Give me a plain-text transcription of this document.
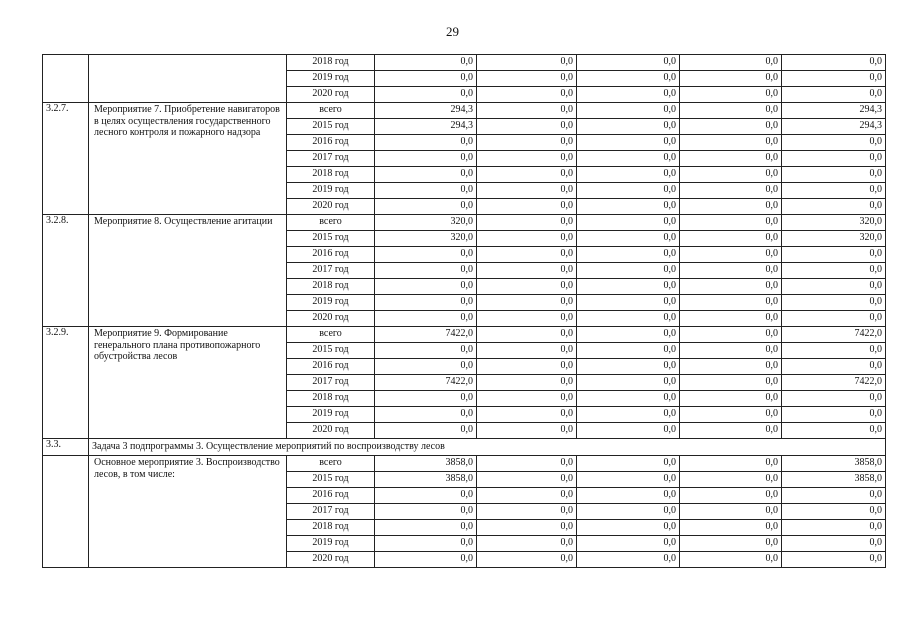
29
		2018 год	0,0	0,0	0,0	0,0	0,0
		2019 год	0,0	0,0	0,0	0,0	0,0
		2020 год	0,0	0,0	0,0	0,0	0,0
3.2.7.	Мероприятие 7. Приобретение навигаторов в целях осуществления государственного лесного контроля и пожарного надзора	всего	294,3	0,0	0,0	0,0	294,3
		2015 год	294,3	0,0	0,0	0,0	294,3
		2016 год	0,0	0,0	0,0	0,0	0,0
		2017 год	0,0	0,0	0,0	0,0	0,0
		2018 год	0,0	0,0	0,0	0,0	0,0
		2019 год	0,0	0,0	0,0	0,0	0,0
		2020 год	0,0	0,0	0,0	0,0	0,0
3.2.8.	Мероприятие 8. Осуществление агитации	всего	320,0	0,0	0,0	0,0	320,0
		2015 год	320,0	0,0	0,0	0,0	320,0
		2016 год	0,0	0,0	0,0	0,0	0,0
		2017 год	0,0	0,0	0,0	0,0	0,0
		2018 год	0,0	0,0	0,0	0,0	0,0
		2019 год	0,0	0,0	0,0	0,0	0,0
		2020 год	0,0	0,0	0,0	0,0	0,0
3.2.9.	Мероприятие 9. Формирование генерального плана противопожарного обустройства лесов	всего	7422,0	0,0	0,0	0,0	7422,0
		2015 год	0,0	0,0	0,0	0,0	0,0
		2016 год	0,0	0,0	0,0	0,0	0,0
		2017 год	7422,0	0,0	0,0	0,0	7422,0
		2018 год	0,0	0,0	0,0	0,0	0,0
		2019 год	0,0	0,0	0,0	0,0	0,0
		2020 год	0,0	0,0	0,0	0,0	0,0
3.3.	Задача 3 подпрограммы 3. Осуществление мероприятий по воспроизводству лесов						
	Основное мероприятие 3. Воспроизводство лесов, в том числе:	всего	3858,0	0,0	0,0	0,0	3858,0
		2015 год	3858,0	0,0	0,0	0,0	3858,0
		2016 год	0,0	0,0	0,0	0,0	0,0
		2017 год	0,0	0,0	0,0	0,0	0,0
		2018 год	0,0	0,0	0,0	0,0	0,0
		2019 год	0,0	0,0	0,0	0,0	0,0
		2020 год	0,0	0,0	0,0	0,0	0,0
